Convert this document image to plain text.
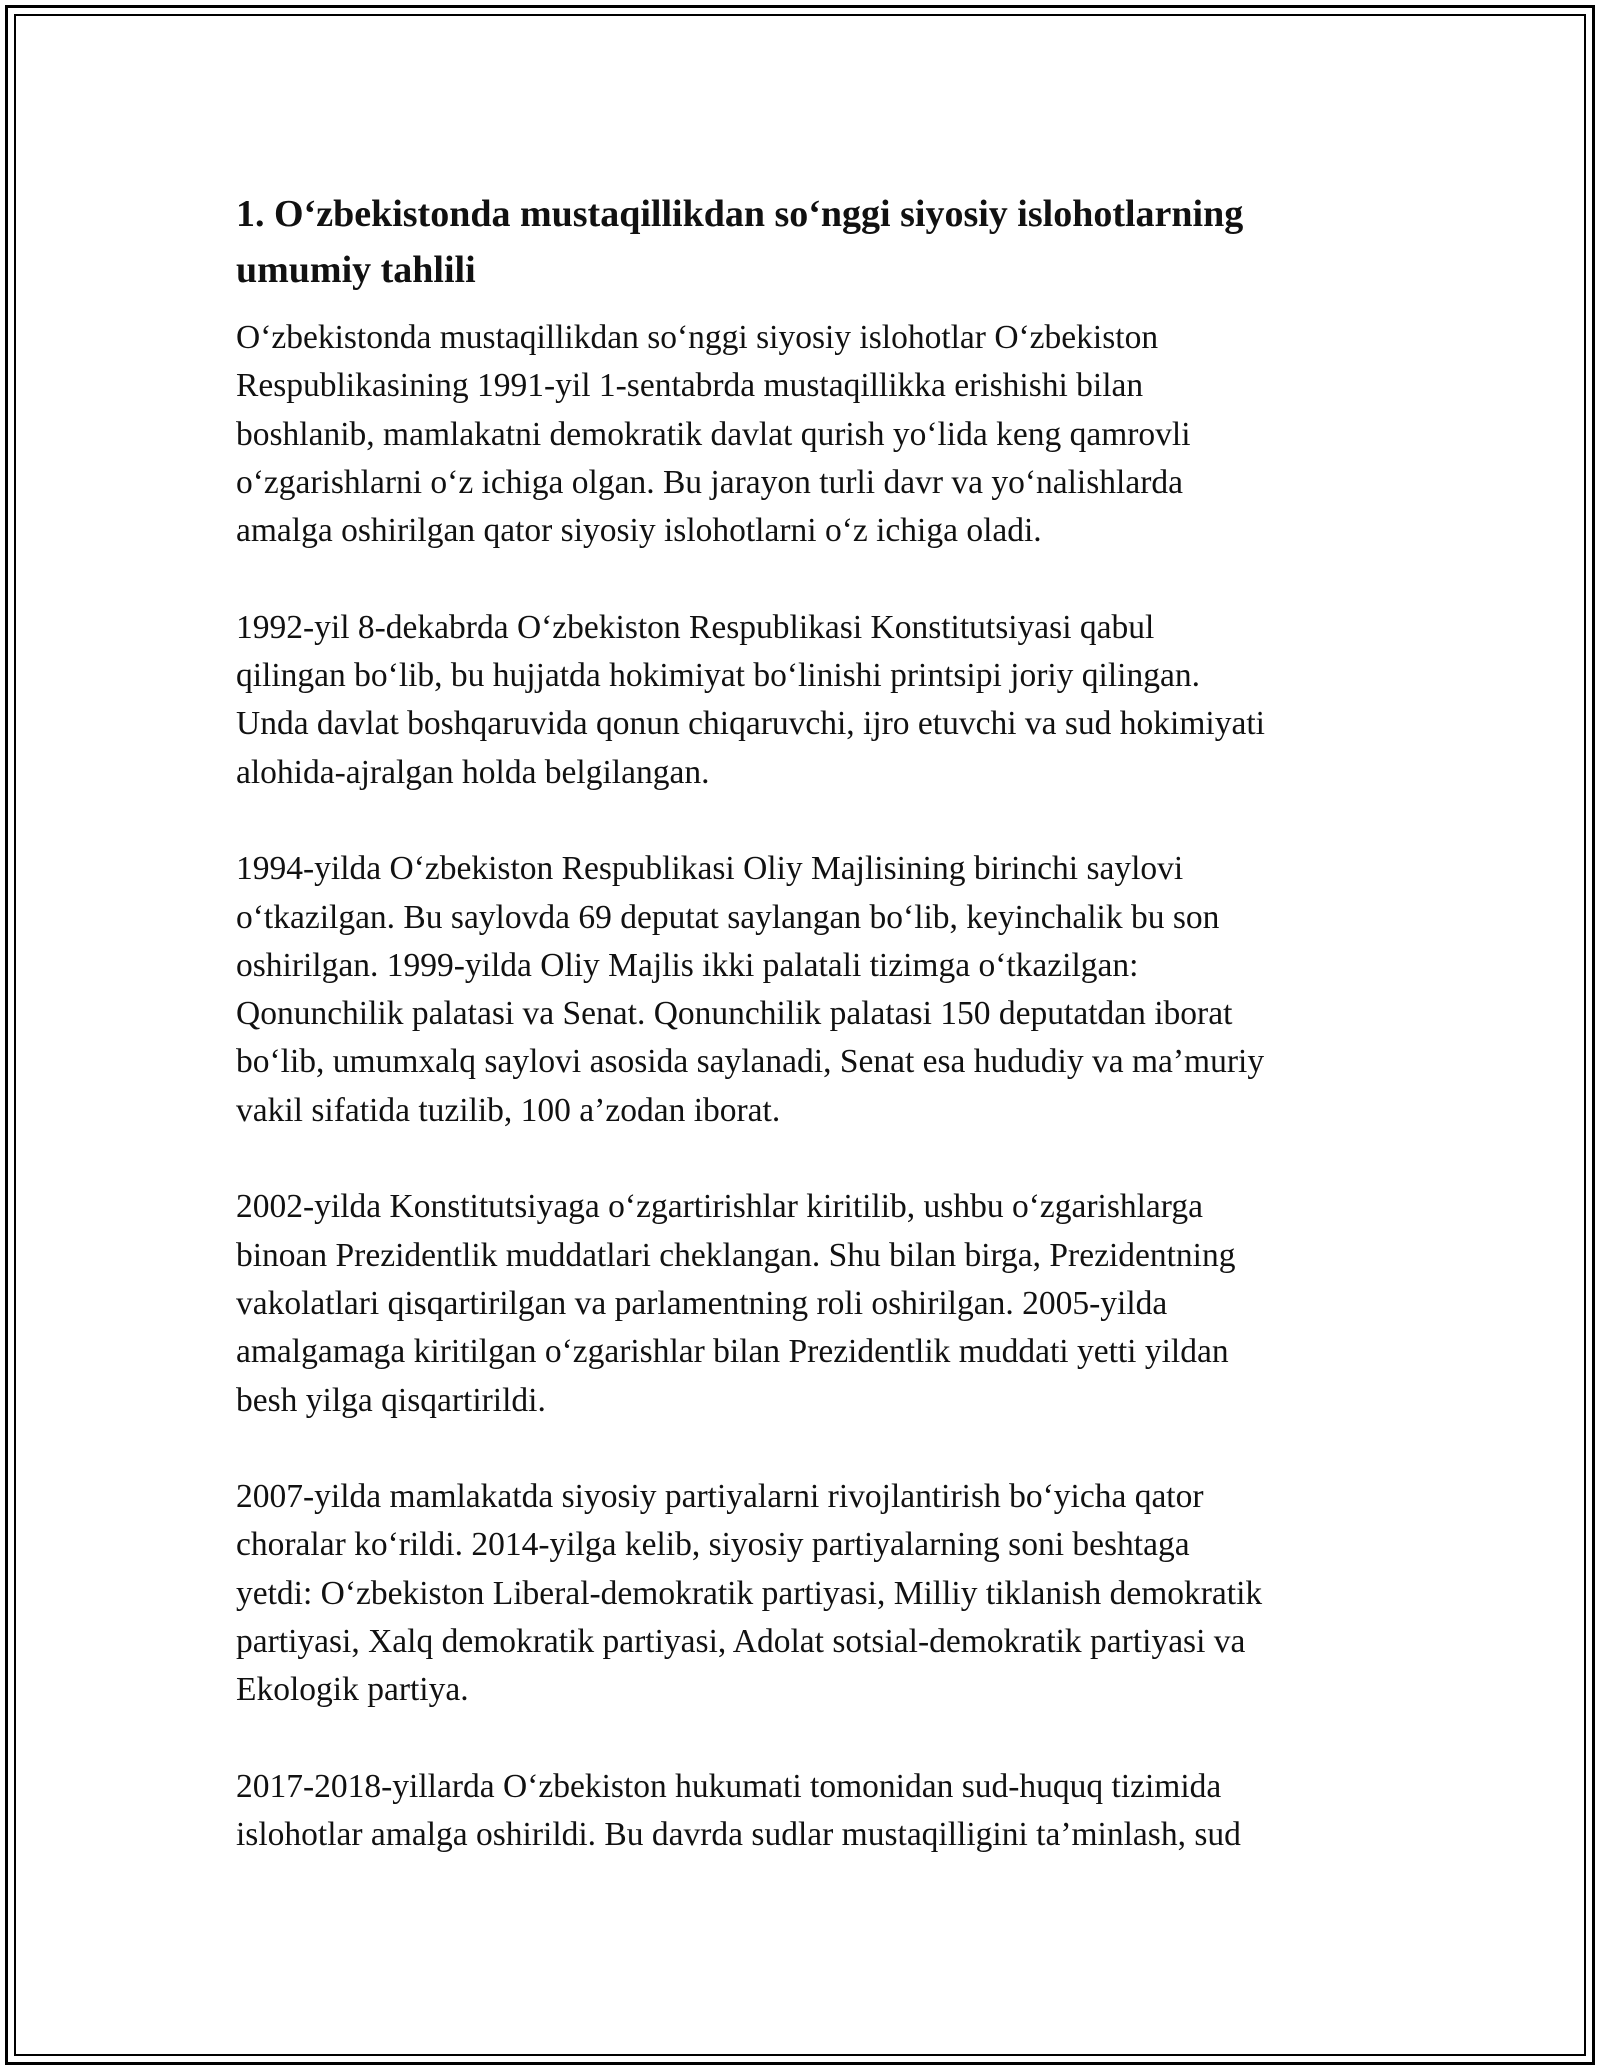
1. O‘zbekistonda mustaqillikdan so‘nggi siyosiy islohotlarning
umumiy tahlili

O‘zbekistonda mustaqillikdan so‘nggi siyosiy islohotlar O‘zbekiston
Respublikasining 1991-yil 1-sentabrda mustaqillikka erishishi bilan
boshlanib, mamlakatni demokratik davlat qurish yo‘lida keng qamrovli
o‘zgarishlarni o‘z ichiga olgan. Bu jarayon turli davr va yo‘nalishlarda
amalga oshirilgan qator siyosiy islohotlarni o‘z ichiga oladi.

1992-yil 8-dekabrda O‘zbekiston Respublikasi Konstitutsiyasi qabul
qilingan bo‘lib, bu hujjatda hokimiyat bo‘linishi printsipi joriy qilingan.
Unda davlat boshqaruvida qonun chiqaruvchi, ijro etuvchi va sud hokimiyati
alohida-ajralgan holda belgilangan.

1994-yilda O‘zbekiston Respublikasi Oliy Majlisining birinchi saylovi
o‘tkazilgan. Bu saylovda 69 deputat saylangan bo‘lib, keyinchalik bu son
oshirilgan. 1999-yilda Oliy Majlis ikki palatali tizimga o‘tkazilgan:
Qonunchilik palatasi va Senat. Qonunchilik palatasi 150 deputatdan iborat
bo‘lib, umumxalq saylovi asosida saylanadi, Senat esa hududiy va ma’muriy
vakil sifatida tuzilib, 100 a’zodan iborat.

2002-yilda Konstitutsiyaga o‘zgartirishlar kiritilib, ushbu o‘zgarishlarga
binoan Prezidentlik muddatlari cheklangan. Shu bilan birga, Prezidentning
vakolatlari qisqartirilgan va parlamentning roli oshirilgan. 2005-yilda
amalgamaga kiritilgan o‘zgarishlar bilan Prezidentlik muddati yetti yildan
besh yilga qisqartirildi.

2007-yilda mamlakatda siyosiy partiyalarni rivojlantirish bo‘yicha qator
choralar ko‘rildi. 2014-yilga kelib, siyosiy partiyalarning soni beshtaga
yetdi: O‘zbekiston Liberal-demokratik partiyasi, Milliy tiklanish demokratik
partiyasi, Xalq demokratik partiyasi, Adolat sotsial-demokratik partiyasi va
Ekologik partiya.

2017-2018-yillarda O‘zbekiston hukumati tomonidan sud-huquq tizimida
islohotlar amalga oshirildi. Bu davrda sudlar mustaqilligini ta’minlash, sud
